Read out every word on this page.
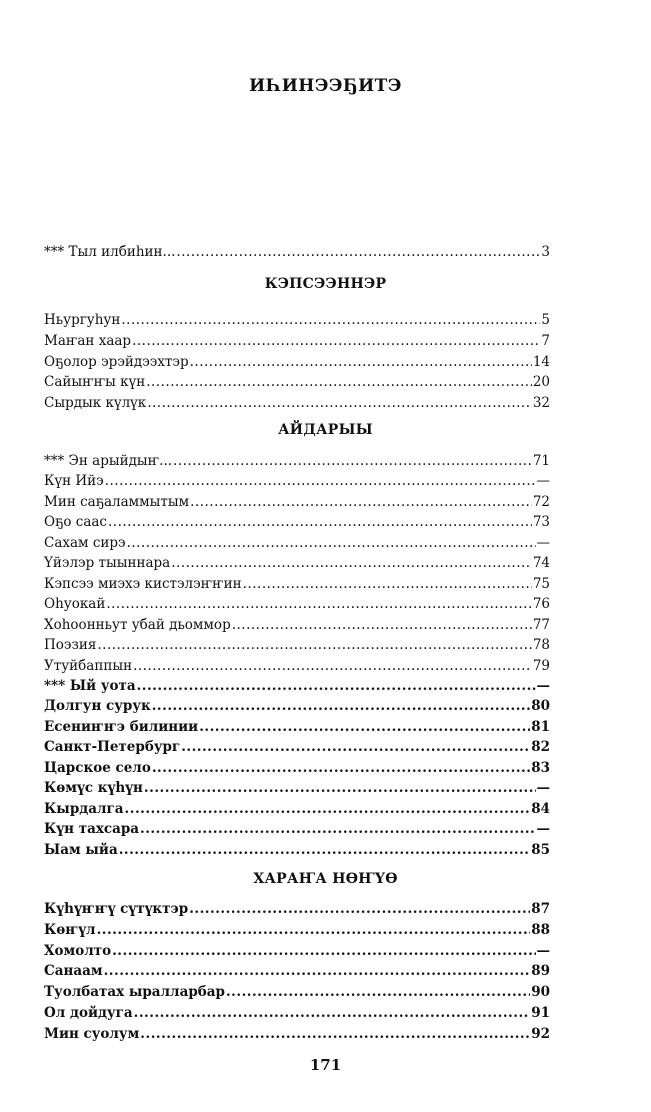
ИҺИНЭЭҔИТЭ
*** Тыл илбиһин... .....	3
КЭПСЭЭННЭР
Ньургуһун .....	5
Маҥан хаар .....	7
Оҕолор эрэйдээхтэр .....	14
Сайыҥҥы күн .....	20
Сырдык күлүк .....	32
АЙДАРЫЫ
*** Эн арыйдыҥ... .....	71
Күн Ийэ .....	—
Мин саҕаламмытым .....	72
Оҕо саас .....	73
Сахам сирэ .....	—
Үйэлэр тыыннара .....	74
Кэпсээ миэхэ кистэлэҥҥин .....	75
Оһуокай .....	76
Хоһоонньут убай дьоммор .....	77
Поэзия .....	78
Утуйбаппын .....	79
*** Ый уота .....	—
Долгун сурук .....	80
Есениҥҥэ билинии .....	81
Санкт-Петербург .....	82
Царское село .....	83
Көмүс күһүн .....	—
Кырдалга .....	84
Күн тахсара .....	—
Ыам ыйа .....	85
ХАРАҤА НӨҤҮӨ
Күһүҥҥү сүтүктэр .....	87
Көҥүл .....	88
Хомолто .....	—
Санаам .....	89
Туолбатах ыралларбар .....	90
Ол дойдуга .....	91
Мин суолум .....	92
171
